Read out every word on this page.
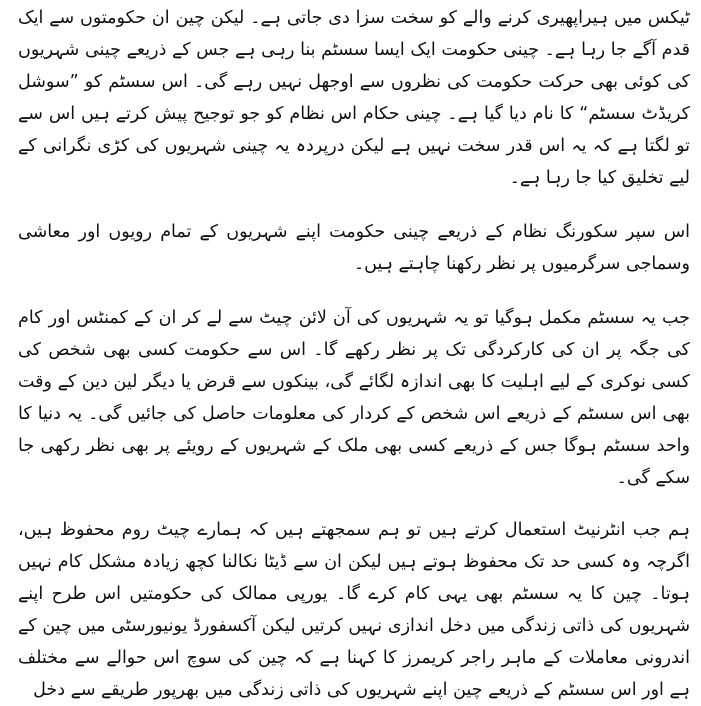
ٹیکس میں ہیراپھیری کرنے والے کو سخت سزا دی جاتی ہے۔ لیکن چین ان حکومتوں سے ایک قدم آگے جا رہا ہے۔ چینی حکومت ایک ایسا سسٹم بنا رہی ہے جس کے ذریعے چینی شہریوں کی کوئی بھی حرکت حکومت کی نظروں سے اوجھل نہیں رہے گی۔ اس سسٹم کو ”سوشل کریڈٹ سسٹم“ کا نام دیا گیا ہے۔ چینی حکام اس نظام کو جو توجیح پیش کرتے ہیں اس سے تو لگتا ہے کہ یہ اس قدر سخت نہیں ہے لیکن درپردہ یہ چینی شہریوں کی کڑی نگرانی کے لیے تخلیق کیا جا رہا ہے۔

اس سپر سکورنگ نظام کے ذریعے چینی حکومت اپنے شہریوں کے تمام رویوں اور معاشی وسماجی سرگرمیوں پر نظر رکھنا چاہتے ہیں۔

جب یہ سسٹم مکمل ہوگیا تو یہ شہریوں کی آن لائن چیٹ سے لے کر ان کے کمنٹس اور کام کی جگہ پر ان کی کارکردگی تک پر نظر رکھے گا۔ اس سے حکومت کسی بھی شخص کی کسی نوکری کے لیے اہلیت کا بھی اندازہ لگائے گی، بینکوں سے قرض یا دیگر لین دین کے وقت بھی اس سسٹم کے ذریعے اس شخص کے کردار کی معلومات حاصل کی جائیں گی۔ یہ دنیا کا واحد سسٹم ہوگا جس کے ذریعے کسی بھی ملک کے شہریوں کے رویئے پر بھی نظر رکھی جا سکے گی۔

ہم جب انٹرنیٹ استعمال کرتے ہیں تو ہم سمجھتے ہیں کہ ہمارے چیٹ روم محفوظ ہیں، اگرچہ وہ کسی حد تک محفوظ ہوتے ہیں لیکن ان سے ڈیٹا نکالنا کچھ زیادہ مشکل کام نہیں ہوتا۔ چین کا یہ سسٹم بھی یہی کام کرے گا۔ یورپی ممالک کی حکومتیں اس طرح اپنے شہریوں کی ذاتی زندگی میں دخل اندازی نہیں کرتیں لیکن آکسفورڈ یونیورسٹی میں چین کے اندرونی معاملات کے ماہر راجر کریمرز کا کہنا ہے کہ چین کی سوچ اس حوالے سے مختلف ہے اور اس سسٹم کے ذریعے چین اپنے شہریوں کی ذاتی زندگی میں بھرپور طریقے سے دخل
